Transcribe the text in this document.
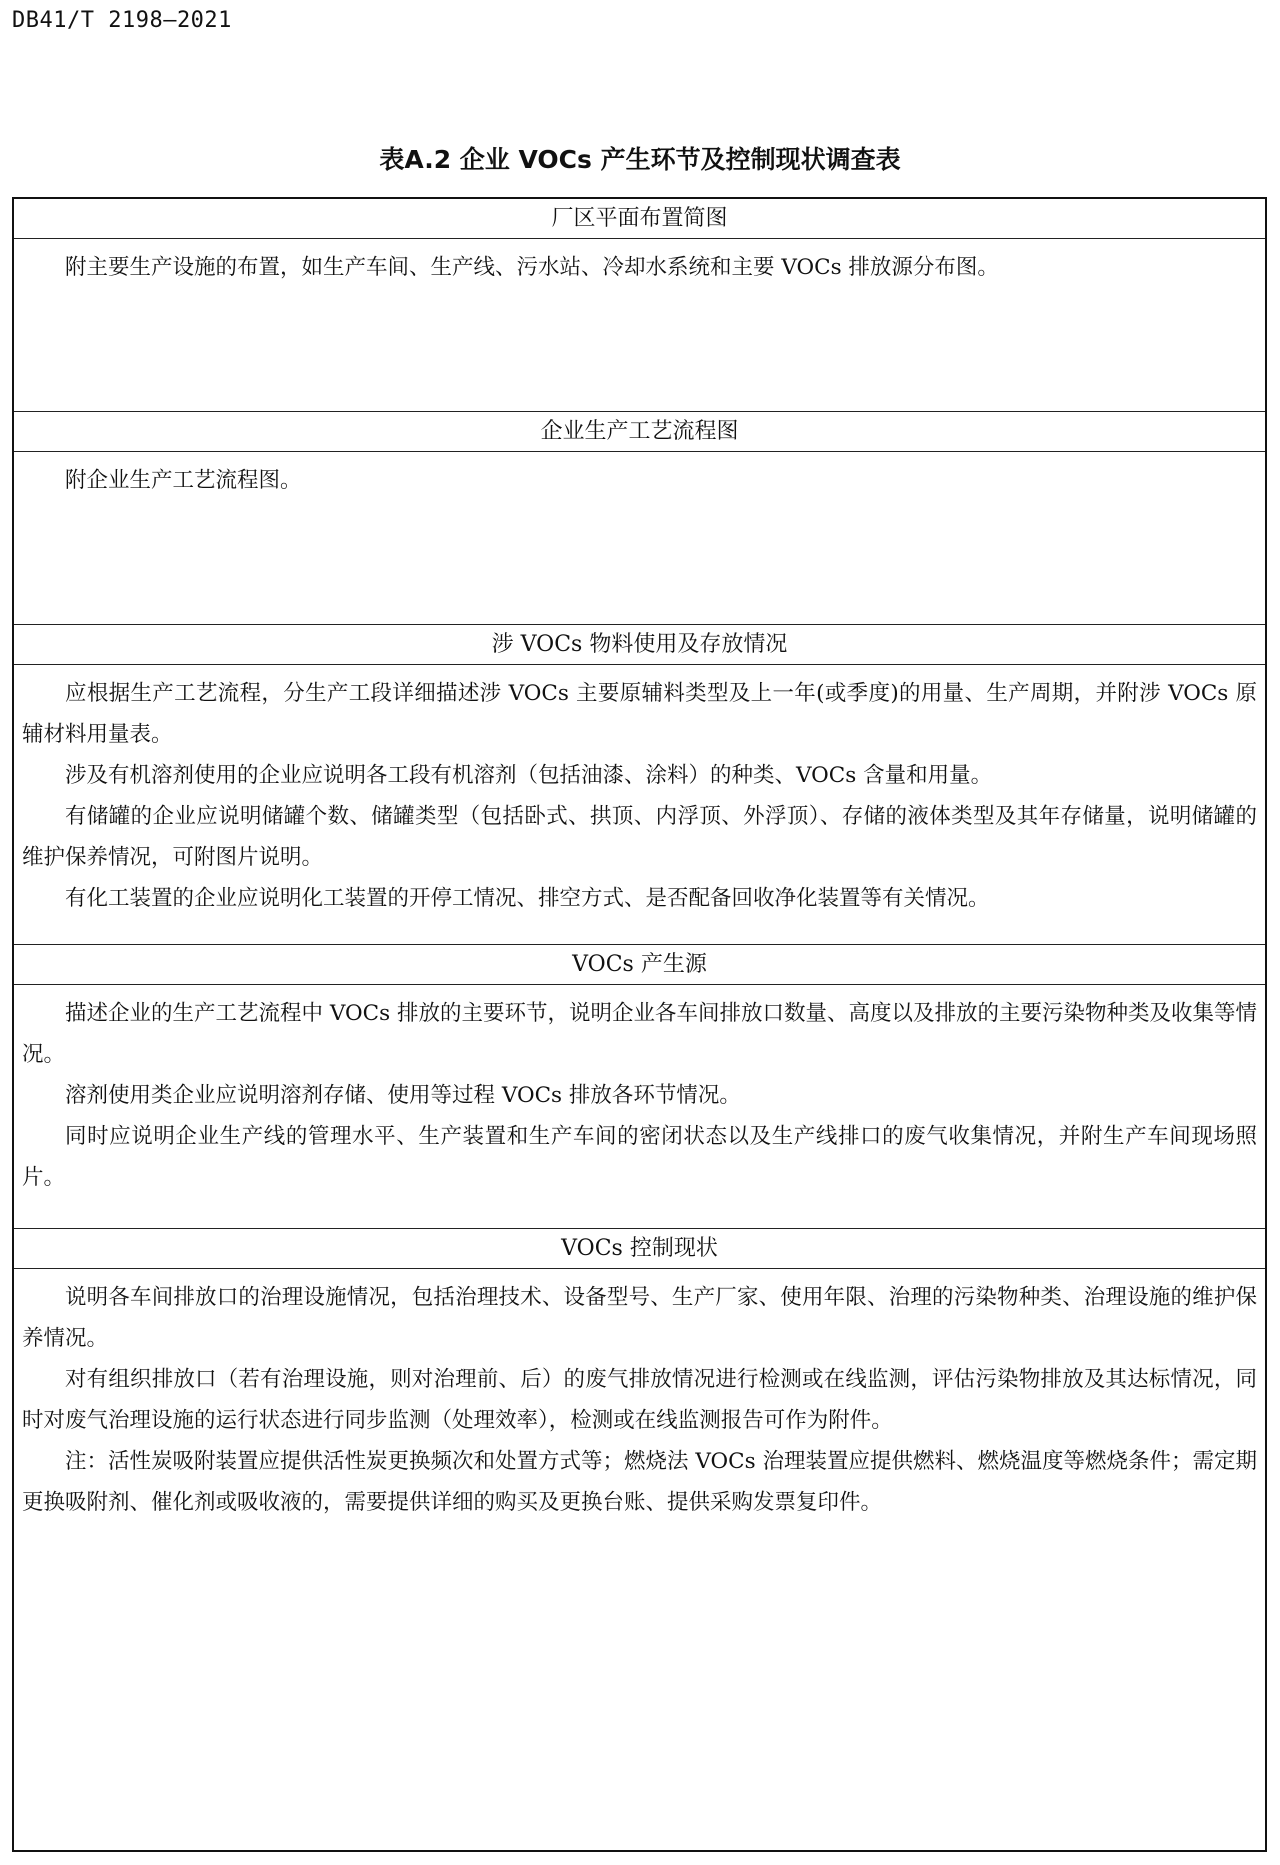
DB41/T 2198—2021
表A.2 企业 VOCs 产生环节及控制现状调查表
厂区平面布置简图

附主要生产设施的布置，如生产车间、生产线、污水站、冷却水系统和主要 VOCs 排放源分布图。

企业生产工艺流程图

附企业生产工艺流程图。

涉 VOCs 物料使用及存放情况

应根据生产工艺流程，分生产工段详细描述涉 VOCs 主要原辅料类型及上一年(或季度)的用量、生产周期，并附涉 VOCs 原辅材料用量表。

涉及有机溶剂使用的企业应说明各工段有机溶剂（包括油漆、涂料）的种类、VOCs 含量和用量。

有储罐的企业应说明储罐个数、储罐类型（包括卧式、拱顶、内浮顶、外浮顶）、存储的液体类型及其年存储量，说明储罐的维护保养情况，可附图片说明。

有化工装置的企业应说明化工装置的开停工情况、排空方式、是否配备回收净化装置等有关情况。

VOCs 产生源

描述企业的生产工艺流程中 VOCs 排放的主要环节，说明企业各车间排放口数量、高度以及排放的主要污染物种类及收集等情况。

溶剂使用类企业应说明溶剂存储、使用等过程 VOCs 排放各环节情况。

同时应说明企业生产线的管理水平、生产装置和生产车间的密闭状态以及生产线排口的废气收集情况，并附生产车间现场照片。

VOCs 控制现状

说明各车间排放口的治理设施情况，包括治理技术、设备型号、生产厂家、使用年限、治理的污染物种类、治理设施的维护保养情况。

对有组织排放口（若有治理设施，则对治理前、后）的废气排放情况进行检测或在线监测，评估污染物排放及其达标情况，同时对废气治理设施的运行状态进行同步监测（处理效率），检测或在线监测报告可作为附件。

注：活性炭吸附装置应提供活性炭更换频次和处置方式等；燃烧法 VOCs 治理装置应提供燃料、燃烧温度等燃烧条件；需定期更换吸附剂、催化剂或吸收液的，需要提供详细的购买及更换台账、提供采购发票复印件。
